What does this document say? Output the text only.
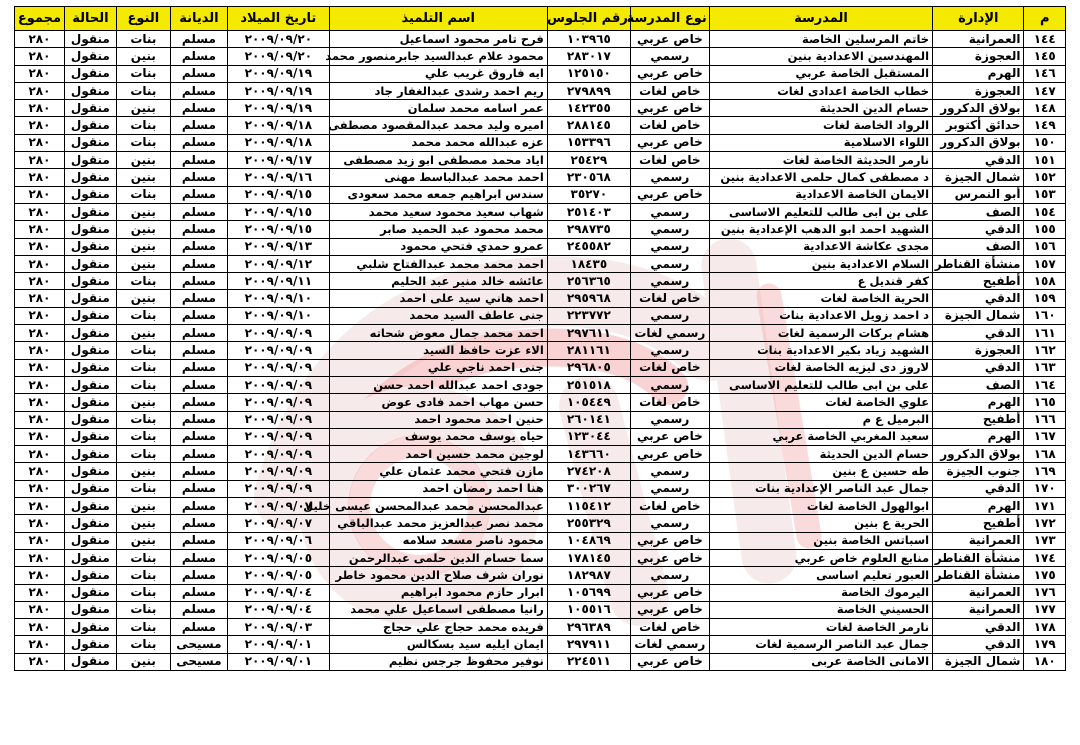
م	الإدارة	المدرسة	نوع المدرسة	رقم الجلوس	اسم التلميذ	تاريخ الميلاد	الديانة	النوع	الحالة	مجموع
١٤٤	العمرانية	خاتم المرسلين الخاصة	خاص عربي	١٠٣٩٦٥	فرح تامر محمود اسماعيل	٢٠٠٩/٠٩/٢٠	مسلم	بنات	منقول	٢٨٠
١٤٥	العجوزة	المهندسين الاعدادية بنين	رسمي	٢٨٣٠١٧	محمود علام عبدالسيد جابرمنصور محمد	٢٠٠٩/٠٩/٢٠	مسلم	بنين	منقول	٢٨٠
١٤٦	الهرم	المستقبل الخاصة عربي	خاص عربي	١٢٥١٥٠	ايه فاروق غريب علي	٢٠٠٩/٠٩/١٩	مسلم	بنات	منقول	٢٨٠
١٤٧	العجوزة	خطاب الخاصة اعدادى لغات	خاص لغات	٢٧٩٨٩٩	ريم احمد رشدى عبدالغفار جاد	٢٠٠٩/٠٩/١٩	مسلم	بنات	منقول	٢٨٠
١٤٨	بولاق الدكرور	حسام الدين الحديثة	خاص عربي	١٤٢٣٥٥	عمر اسامه محمد سلمان	٢٠٠٩/٠٩/١٩	مسلم	بنين	منقول	٢٨٠
١٤٩	حدائق أكتوبر	الرواد الخاصة لغات	خاص لغات	٢٨٨١٤٥	اميره وليد محمد عبدالمقصود مصطفى	٢٠٠٩/٠٩/١٨	مسلم	بنات	منقول	٢٨٠
١٥٠	بولاق الدكرور	اللواء الاسلامية	خاص عربي	١٥٣٣٩٦	عزه عبدالله محمد محمد	٢٠٠٩/٠٩/١٨	مسلم	بنات	منقول	٢٨٠
١٥١	الدقي	نارمر الحديثة الخاصة لغات	خاص لغات	٢٥٤٢٩	اياد محمد مصطفى ابو زيد مصطفى	٢٠٠٩/٠٩/١٧	مسلم	بنين	منقول	٢٨٠
١٥٢	شمال الجيزة	د مصطفى كمال حلمى الاعدادية بنين	رسمي	٢٣٠٥٦٨	احمد محمد عبدالباسط مهنى	٢٠٠٩/٠٩/١٦	مسلم	بنين	منقول	٢٨٠
١٥٣	أبو النمرس	الايمان الخاصة الاعدادية	خاص عربي	٣٥٢٧٠	سندس ابراهيم جمعه محمد سعودى	٢٠٠٩/٠٩/١٥	مسلم	بنات	منقول	٢٨٠
١٥٤	الصف	على بن ابى طالب للتعليم الاساسى	رسمي	٢٥١٤٠٣	شهاب سعيد محمود سعيد محمد	٢٠٠٩/٠٩/١٥	مسلم	بنين	منقول	٢٨٠
١٥٥	الدقي	الشهيد احمد ابو الدهب الإعدادية بنين	رسمي	٢٩٨٧٣٥	محمد محمود عبد الحميد صابر	٢٠٠٩/٠٩/١٥	مسلم	بنين	منقول	٢٨٠
١٥٦	الصف	مجدى عكاشة الاعدادية	رسمي	٢٤٥٥٨٢	عمرو حمدي فتحي محمود	٢٠٠٩/٠٩/١٣	مسلم	بنين	منقول	٢٨٠
١٥٧	منشأة القناطر	السلام الاعدادية بنين	رسمي	١٨٤٣٥	احمد محمد محمد عبدالفتاح شلبي	٢٠٠٩/٠٩/١٢	مسلم	بنين	منقول	٢٨٠
١٥٨	أطفيح	كفر قنديل ع	رسمي	٢٥٦٣٦٥	عائشه خالد منير عبد الحليم	٢٠٠٩/٠٩/١١	مسلم	بنات	منقول	٢٨٠
١٥٩	الدقي	الحرية الخاصة لغات	خاص لغات	٢٩٥٩٦٨	احمد هاني سيد على احمد	٢٠٠٩/٠٩/١٠	مسلم	بنين	منقول	٢٨٠
١٦٠	شمال الجيزة	د احمد زويل الاعدادية بنات	رسمي	٢٢٣٧٧٢	جنى عاطف السيد محمد	٢٠٠٩/٠٩/١٠	مسلم	بنات	منقول	٢٨٠
١٦١	الدقي	هشام بركات الرسمية لغات	رسمي لغات	٢٩٧٦١١	احمد محمد جمال معوض شحاته	٢٠٠٩/٠٩/٠٩	مسلم	بنين	منقول	٢٨٠
١٦٢	العجوزة	الشهيد زياد بكير الاعدادية بنات	رسمي	٢٨١١٦١	الاء عزت حافظ السيد	٢٠٠٩/٠٩/٠٩	مسلم	بنات	منقول	٢٨٠
١٦٣	الدقي	لاروز دى ليزيه الخاصة لغات	خاص لغات	٢٩٦٨٠٥	جنى احمد ناجي علي	٢٠٠٩/٠٩/٠٩	مسلم	بنات	منقول	٢٨٠
١٦٤	الصف	على بن ابى طالب للتعليم الاساسى	رسمي	٢٥١٥١٨	جودى احمد عبدالله احمد حسن	٢٠٠٩/٠٩/٠٩	مسلم	بنات	منقول	٢٨٠
١٦٥	الهرم	علوي الخاصة لغات	خاص لغات	١٠٥٤٤٩	حسن مهاب احمد فادى عوض	٢٠٠٩/٠٩/٠٩	مسلم	بنين	منقول	٢٨٠
١٦٦	أطفيح	البرميل ع م	رسمي	٢٦٠١٤١	حنين احمد محمود احمد	٢٠٠٩/٠٩/٠٩	مسلم	بنات	منقول	٢٨٠
١٦٧	الهرم	سعيد المغربي الخاصة عربي	خاص عربي	١٢٣٠٤٤	حياه يوسف محمد يوسف	٢٠٠٩/٠٩/٠٩	مسلم	بنات	منقول	٢٨٠
١٦٨	بولاق الدكرور	حسام الدين الحديثة	خاص عربي	١٤٣٦٦٠	لوجين محمد حسين احمد	٢٠٠٩/٠٩/٠٩	مسلم	بنات	منقول	٢٨٠
١٦٩	جنوب الجيزة	طه حسين ع بنين	رسمي	٢٧٤٢٠٨	مازن فتحي محمد عثمان علي	٢٠٠٩/٠٩/٠٩	مسلم	بنين	منقول	٢٨٠
١٧٠	الدقي	جمال عبد الناصر الإعدادية بنات	رسمي	٣٠٠٢٦٧	هنا احمد رمضان احمد	٢٠٠٩/٠٩/٠٩	مسلم	بنات	منقول	٢٨٠
١٧١	الهرم	ابوالهول الخاصة لغات	خاص لغات	١١٥٤١٢	عبدالمحسن محمد عبدالمحسن عيسى خليل	٢٠٠٩/٠٩/٠٧	مسلم	بنين	منقول	٢٨٠
١٧٢	أطفيح	الحرية ع بنين	رسمي	٢٥٥٣٢٩	محمد نصر عبدالعزيز محمد عبدالباقي	٢٠٠٩/٠٩/٠٧	مسلم	بنين	منقول	٢٨٠
١٧٣	العمرانية	اسباتس الخاصة بنين	خاص عربي	١٠٤٨٦٩	محمود ناصر مسعد سلامه	٢٠٠٩/٠٩/٠٦	مسلم	بنين	منقول	٢٨٠
١٧٤	منشأة القناطر	منابع العلوم خاص عربي	خاص عربي	١٧٨١٤٥	سما حسام الدين حلمى عبدالرحمن	٢٠٠٩/٠٩/٠٥	مسلم	بنات	منقول	٢٨٠
١٧٥	منشأة القناطر	العبور تعليم اساسى	رسمي	١٨٢٩٨٧	نوران شرف صلاح الدين محمود خاطر	٢٠٠٩/٠٩/٠٥	مسلم	بنات	منقول	٢٨٠
١٧٦	العمرانية	اليرموك الخاصة	خاص عربي	١٠٥٦٩٩	ابرار حازم محمود ابراهيم	٢٠٠٩/٠٩/٠٤	مسلم	بنات	منقول	٢٨٠
١٧٧	العمرانية	الحسيني الخاصة	خاص عربي	١٠٥٥١٦	رانيا مصطفى اسماعيل علي محمد	٢٠٠٩/٠٩/٠٤	مسلم	بنات	منقول	٢٨٠
١٧٨	الدقي	نارمر الخاصة لغات	خاص لغات	٢٩٦٣٨٩	فريده محمد حجاج علي حجاج	٢٠٠٩/٠٩/٠٣	مسلم	بنات	منقول	٢٨٠
١٧٩	الدقي	جمال عبد الناصر الرسمية لغات	رسمي لغات	٢٩٧٩١١	ايمان ايليه سيد بسكالس	٢٠٠٩/٠٩/٠١	مسيحى	بنات	منقول	٢٨٠
١٨٠	شمال الجيزة	الامانى الخاصة عربى	خاص عربي	٢٢٤٥١١	نوفير محفوظ جرجس نظيم	٢٠٠٩/٠٩/٠١	مسيحى	بنين	منقول	٢٨٠
